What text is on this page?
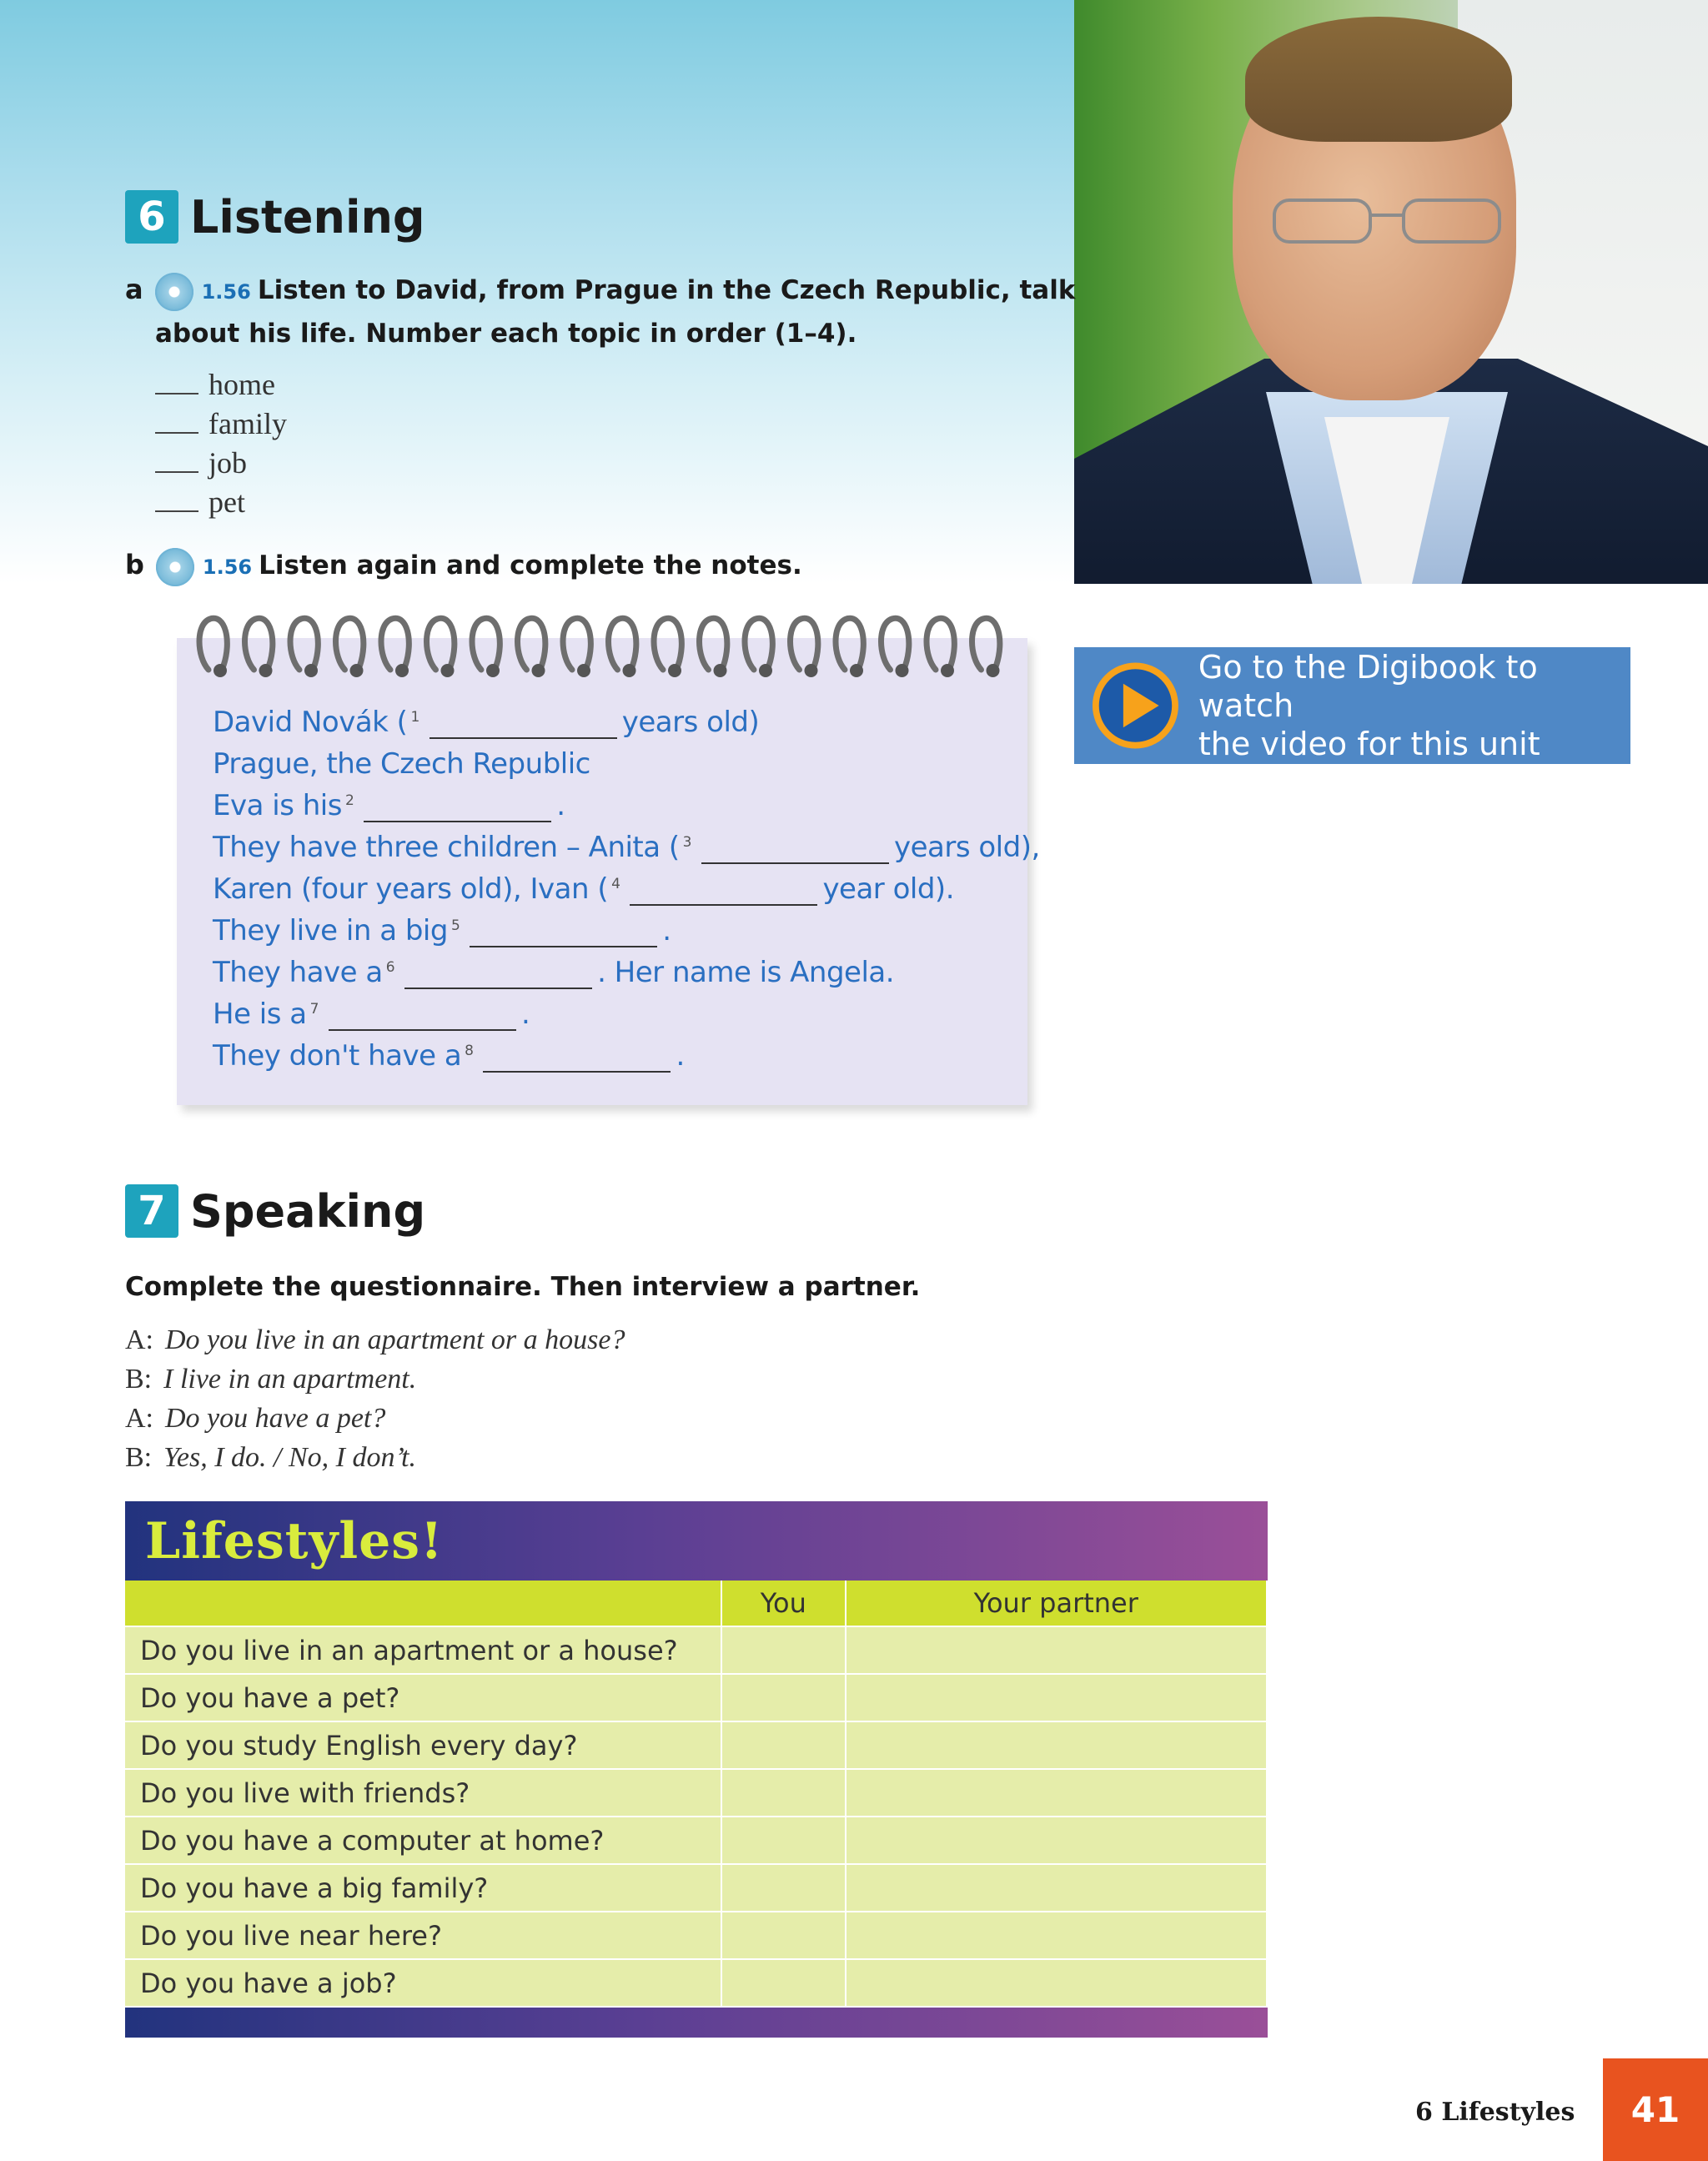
6 Listening
a	1.56 Listen to David, from Prague in the Czech Republic, talk
about his life. Number each topic in order (1–4).
home
family
job
pet
b	1.56 Listen again and complete the notes.
David Novák ( $^1$	years old)
Prague, the Czech Republic
Eva is his $^2$	.
They have three children – Anita ( $^3$	years old),
Karen (four years old), Ivan ( $^4$	year old).
They live in a big $^5$	.
They have a $^6$	. Her name is Angela.
He is a $^7$	.
They don't have a $^8$	.
Go to the Digibook to watch
the video for this unit
7 Speaking
Complete the questionnaire. Then interview a partner.
A: Do you live in an apartment or a house?
B: I live in an apartment.
A: Do you have a pet?
B: Yes, I do. / No, I don’t.
Lifestyles!
	You	Your partner
Do you live in an apartment or a house?		
Do you have a pet?		
Do you study English every day?		
Do you live with friends?		
Do you have a computer at home?		
Do you have a big family?		
Do you live near here?		
Do you have a job?		
6 Lifestyles	41
